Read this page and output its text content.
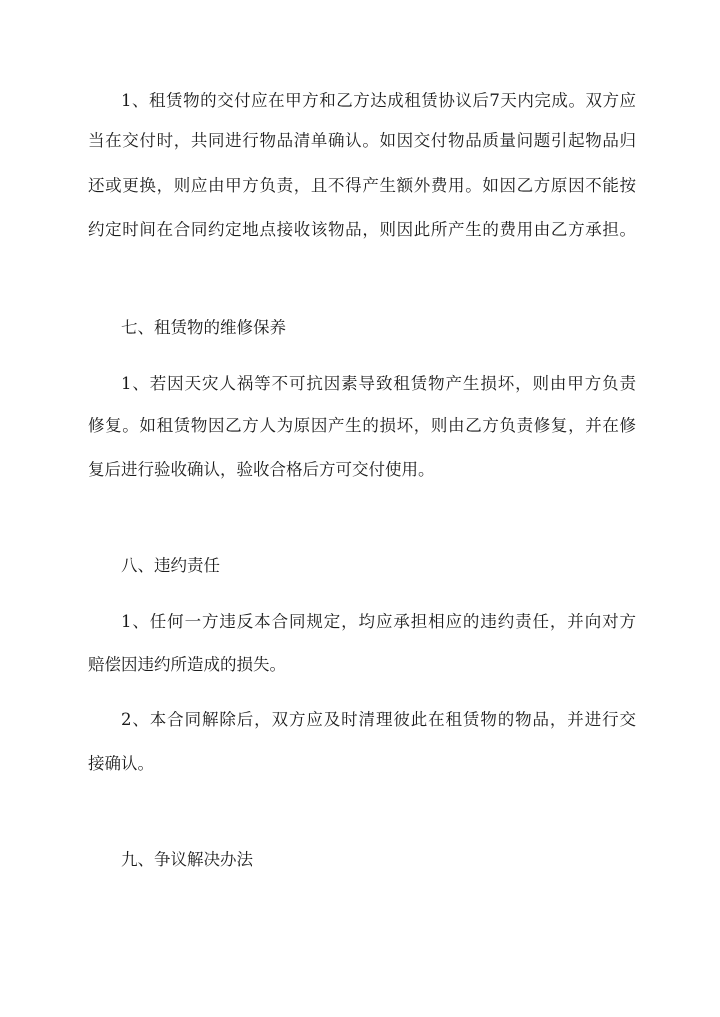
1、租赁物的交付应在甲方和乙方达成租赁协议后7天内完成。双方应
当在交付时，共同进行物品清单确认。如因交付物品质量问题引起物品归
还或更换，则应由甲方负责，且不得产生额外费用。如因乙方原因不能按
约定时间在合同约定地点接收该物品，则因此所产生的费用由乙方承担。
七、租赁物的维修保养
1、若因天灾人祸等不可抗因素导致租赁物产生损坏，则由甲方负责
修复。如租赁物因乙方人为原因产生的损坏，则由乙方负责修复，并在修
复后进行验收确认，验收合格后方可交付使用。
八、违约责任
1、任何一方违反本合同规定，均应承担相应的违约责任，并向对方
赔偿因违约所造成的损失。
2、本合同解除后，双方应及时清理彼此在租赁物的物品，并进行交
接确认。
九、争议解决办法
